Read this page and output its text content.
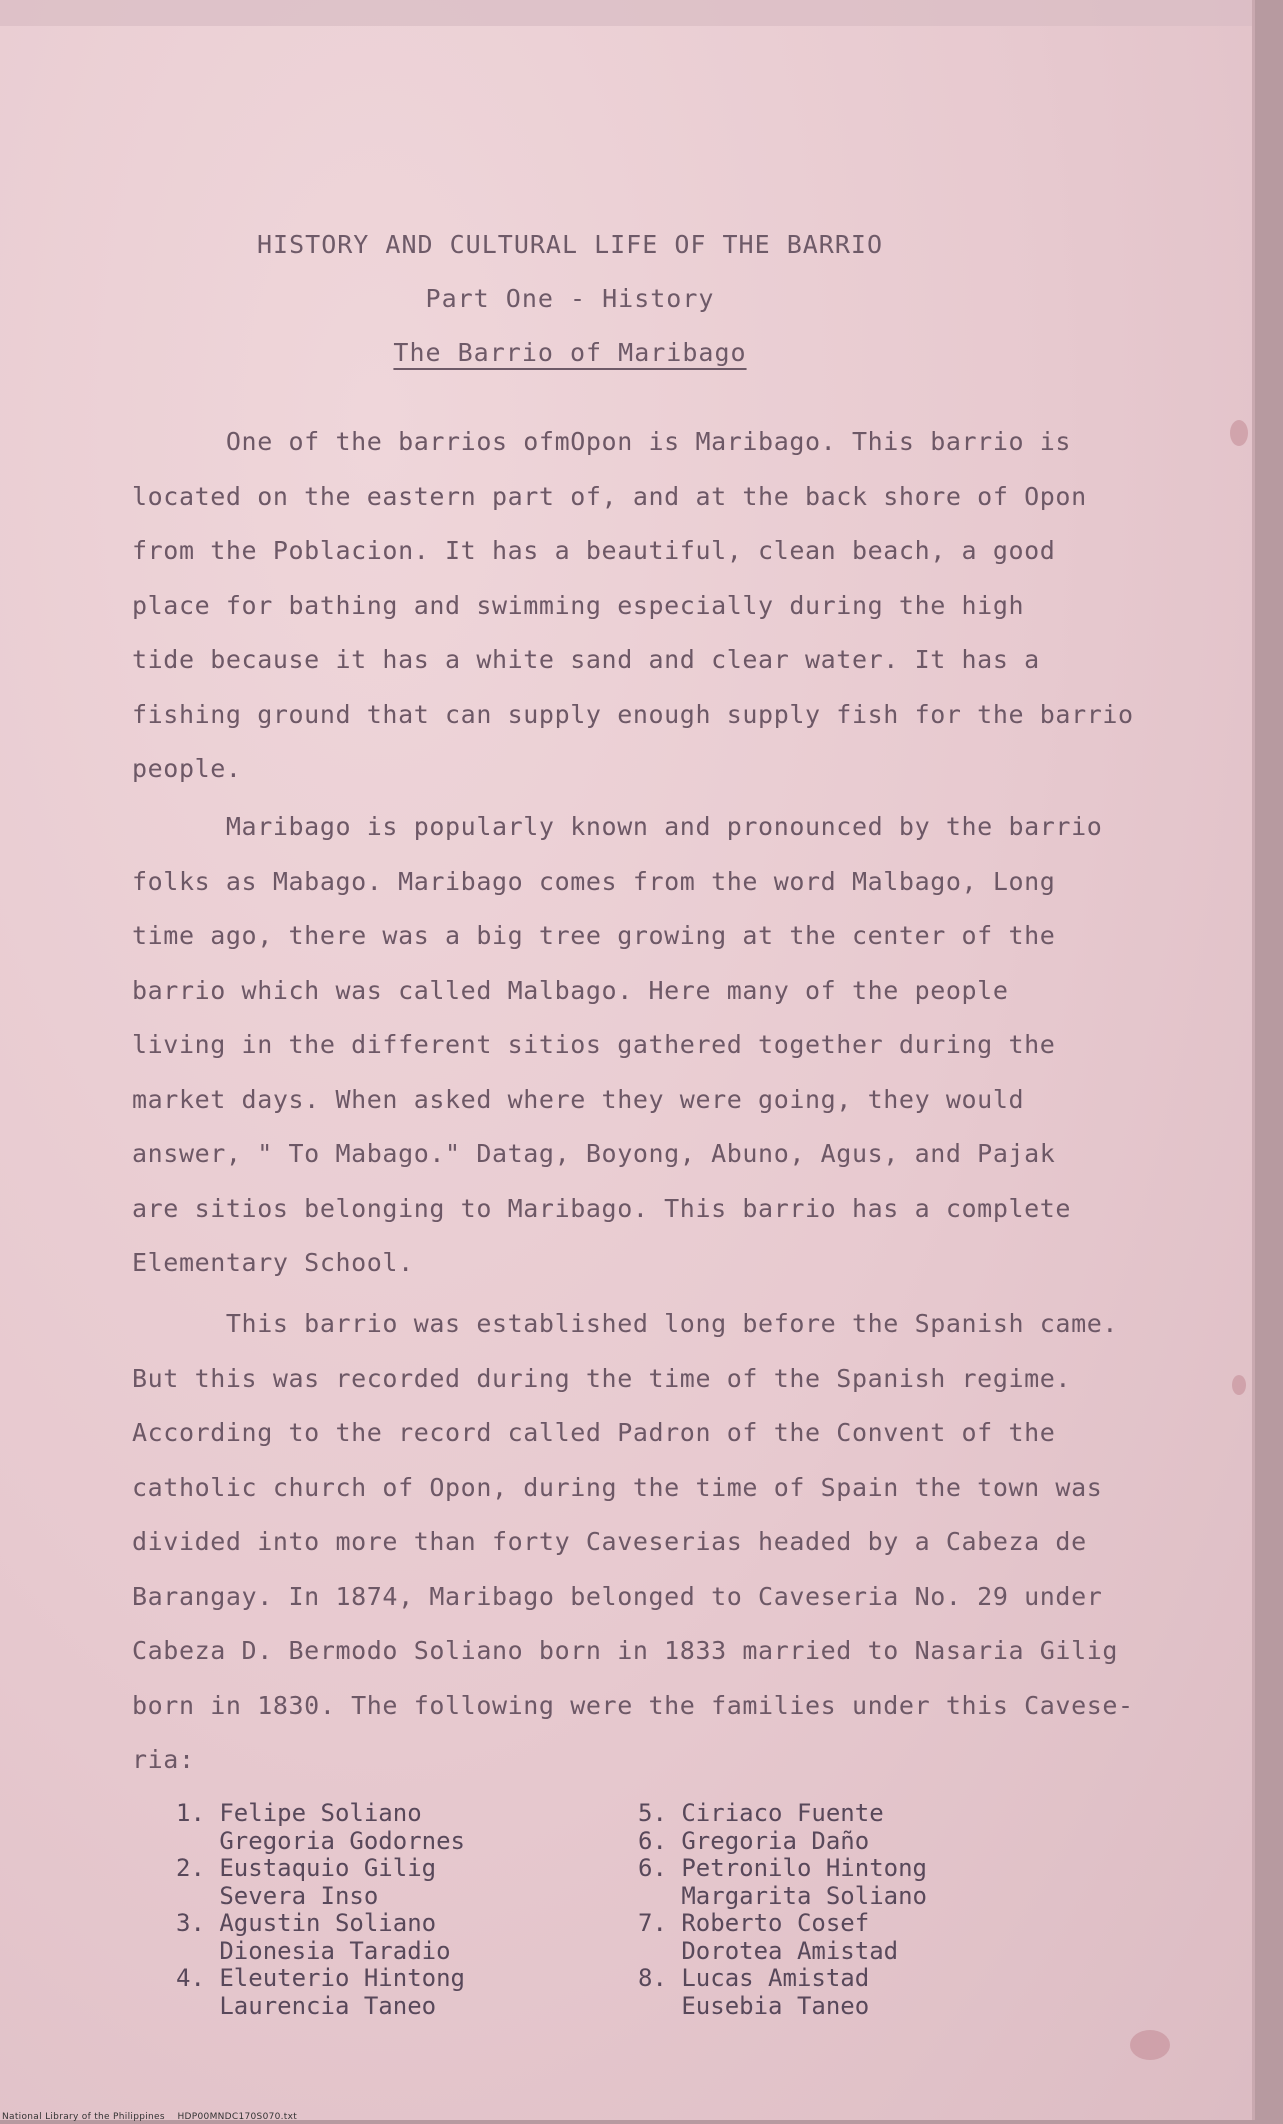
HISTORY AND CULTURAL LIFE OF THE BARRIO
Part One - History
The Barrio of Maribago
One of the barrios ofmOpon is Maribago. This barrio is
located on the eastern part of, and at the back shore of Opon
from the Poblacion. It has a beautiful, clean beach, a good
place for bathing and swimming especially during the high
tide because it has a white sand and clear water. It has a
fishing ground that can supply enough supply fish for the barrio
people.
Maribago is popularly known and pronounced by the barrio
folks as Mabago. Maribago comes from the word Malbago, Long
time ago, there was a big tree growing at the center of the
barrio which was called Malbago. Here many of the people
living in the different sitios gathered together during the
market days. When asked where they were going, they would
answer, " To Mabago." Datag, Boyong, Abuno, Agus, and Pajak
are sitios belonging to Maribago. This barrio has a complete
Elementary School.
This barrio was established long before the Spanish came.
But this was recorded during the time of the Spanish regime.
According to the record called Padron of the Convent of the
catholic church of Opon, during the time of Spain the town was
divided into more than forty Caveserias headed by a Cabeza de
Barangay. In 1874, Maribago belonged to Caveseria No. 29 under
Cabeza D. Bermodo Soliano born in 1833 married to Nasaria Gilig
born in 1830. The following were the families under this Cavese-
ria:
1. Felipe Soliano
Gregoria Godornes
2. Eustaquio Gilig
Severa Inso
3. Agustin Soliano
Dionesia Taradio
4. Eleuterio Hintong
Laurencia Taneo
5. Ciriaco Fuente
6. Gregoria Daño
6. Petronilo Hintong
Margarita Soliano
7. Roberto Cosef
Dorotea Amistad
8. Lucas Amistad
Eusebia Taneo
National Library of the Philippines    HDP00MNDC170S070.txt
